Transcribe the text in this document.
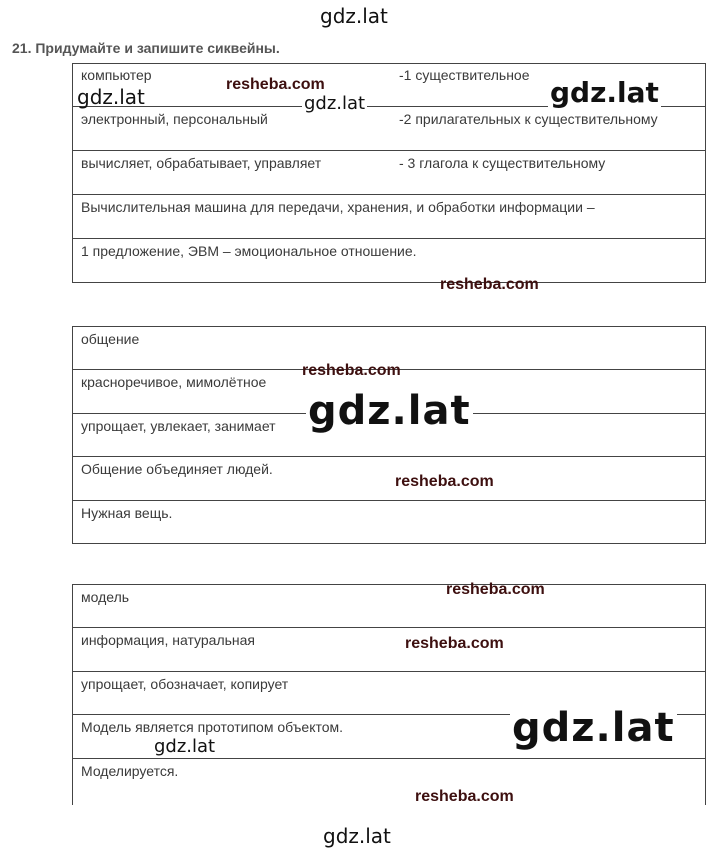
gdz.lat
21. Придумайте и запишите сиквейны.
компьютер	-1 существительное
электронный, персональный	-2 прилагательных к существительному
вычисляет, обрабатывает, управляет	- 3 глагола к существительному
Вычислительная машина для передачи, хранения, и обработки информации –
1 предложение, ЭВМ – эмоциональное отношение.
общение
красноречивое, мимолётное
упрощает, увлекает, занимает
Общение объединяет людей.
Нужная вещь.
модель
информация, натуральная
упрощает, обозначает, копирует
Модель является прототипом объектом.
Моделируется.
resheba.com	gdz.lat
gdz.lat	gdz.lat
resheba.com
resheba.com
gdz.lat
resheba.com
resheba.com
resheba.com
gdz.lat
gdz.lat
resheba.com
gdz.lat
